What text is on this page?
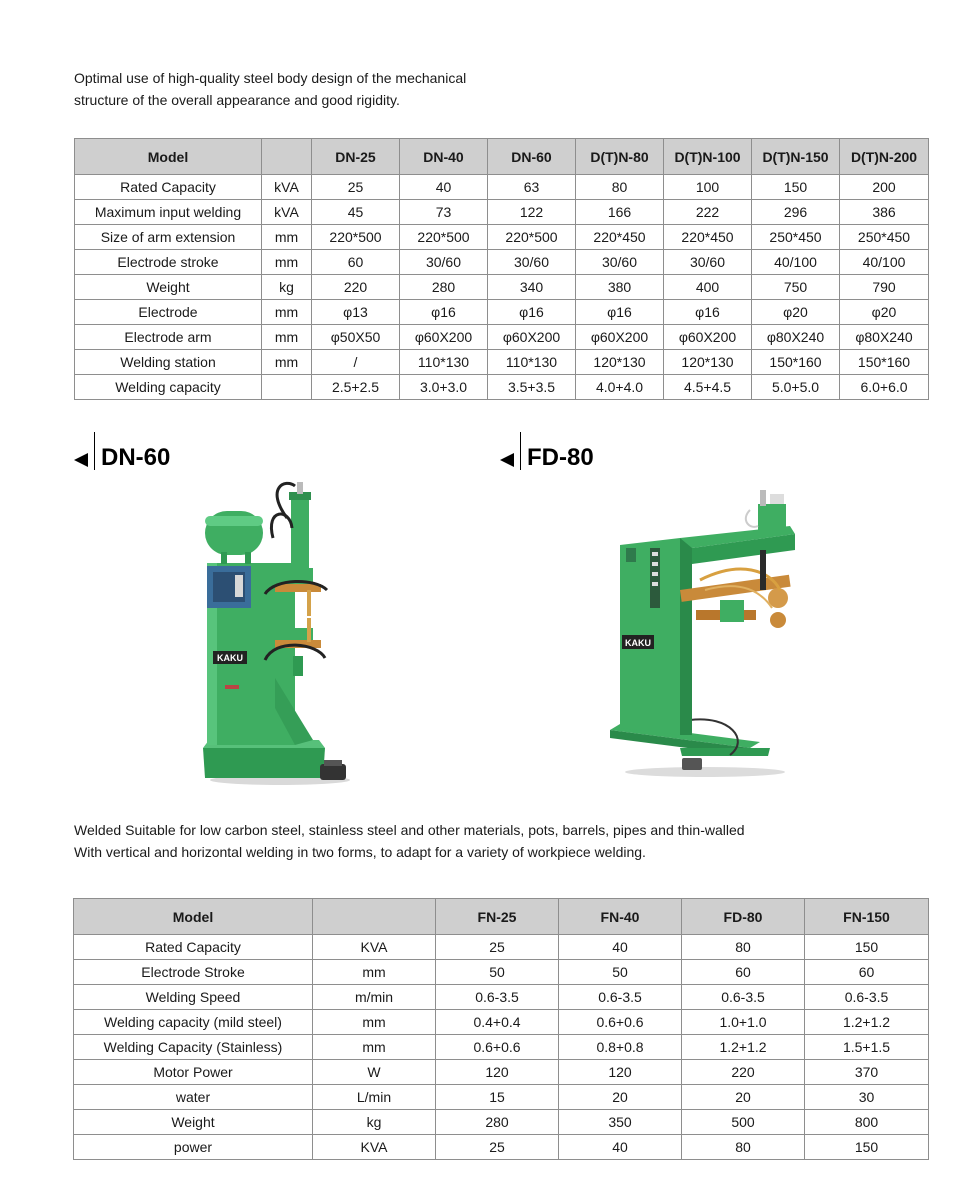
Optimal use of high-quality steel body design of the mechanical

structure of the overall appearance and good rigidity.

Model		DN-25	DN-40	DN-60	D(T)N-80	D(T)N-100	D(T)N-150	D(T)N-200
Rated Capacity	kVA	25	40	63	80	100	150	200
Maximum input welding	kVA	45	73	122	166	222	296	386
Size of arm extension	mm	220*500	220*500	220*500	220*450	220*450	250*450	250*450
Electrode stroke	mm	60	30/60	30/60	30/60	30/60	40/100	40/100
Weight	kg	220	280	340	380	400	750	790
Electrode	mm	φ13	φ16	φ16	φ16	φ16	φ20	φ20
Electrode arm	mm	φ50X50	φ60X200	φ60X200	φ60X200	φ60X200	φ80X240	φ80X240
Welding station	mm	/	110*130	110*130	120*130	120*130	150*160	150*160
Welding capacity		2.5+2.5	3.0+3.0	3.5+3.5	4.0+4.0	4.5+4.5	5.0+5.0	6.0+6.0
DN-60	FD-80
KAKU
KAKU

Welded Suitable for low carbon steel, stainless steel and other materials, pots, barrels, pipes and thin-walled

With vertical and horizontal welding in two forms, to adapt for a variety of workpiece welding.

Model		FN-25	FN-40	FD-80	FN-150
Rated Capacity	KVA	25	40	80	150
Electrode Stroke	mm	50	50	60	60
Welding Speed	m/min	0.6-3.5	0.6-3.5	0.6-3.5	0.6-3.5
Welding capacity (mild steel)	mm	0.4+0.4	0.6+0.6	1.0+1.0	1.2+1.2
Welding Capacity (Stainless)	mm	0.6+0.6	0.8+0.8	1.2+1.2	1.5+1.5
Motor Power	W	120	120	220	370
water	L/min	15	20	20	30
Weight	kg	280	350	500	800
power	KVA	25	40	80	150
